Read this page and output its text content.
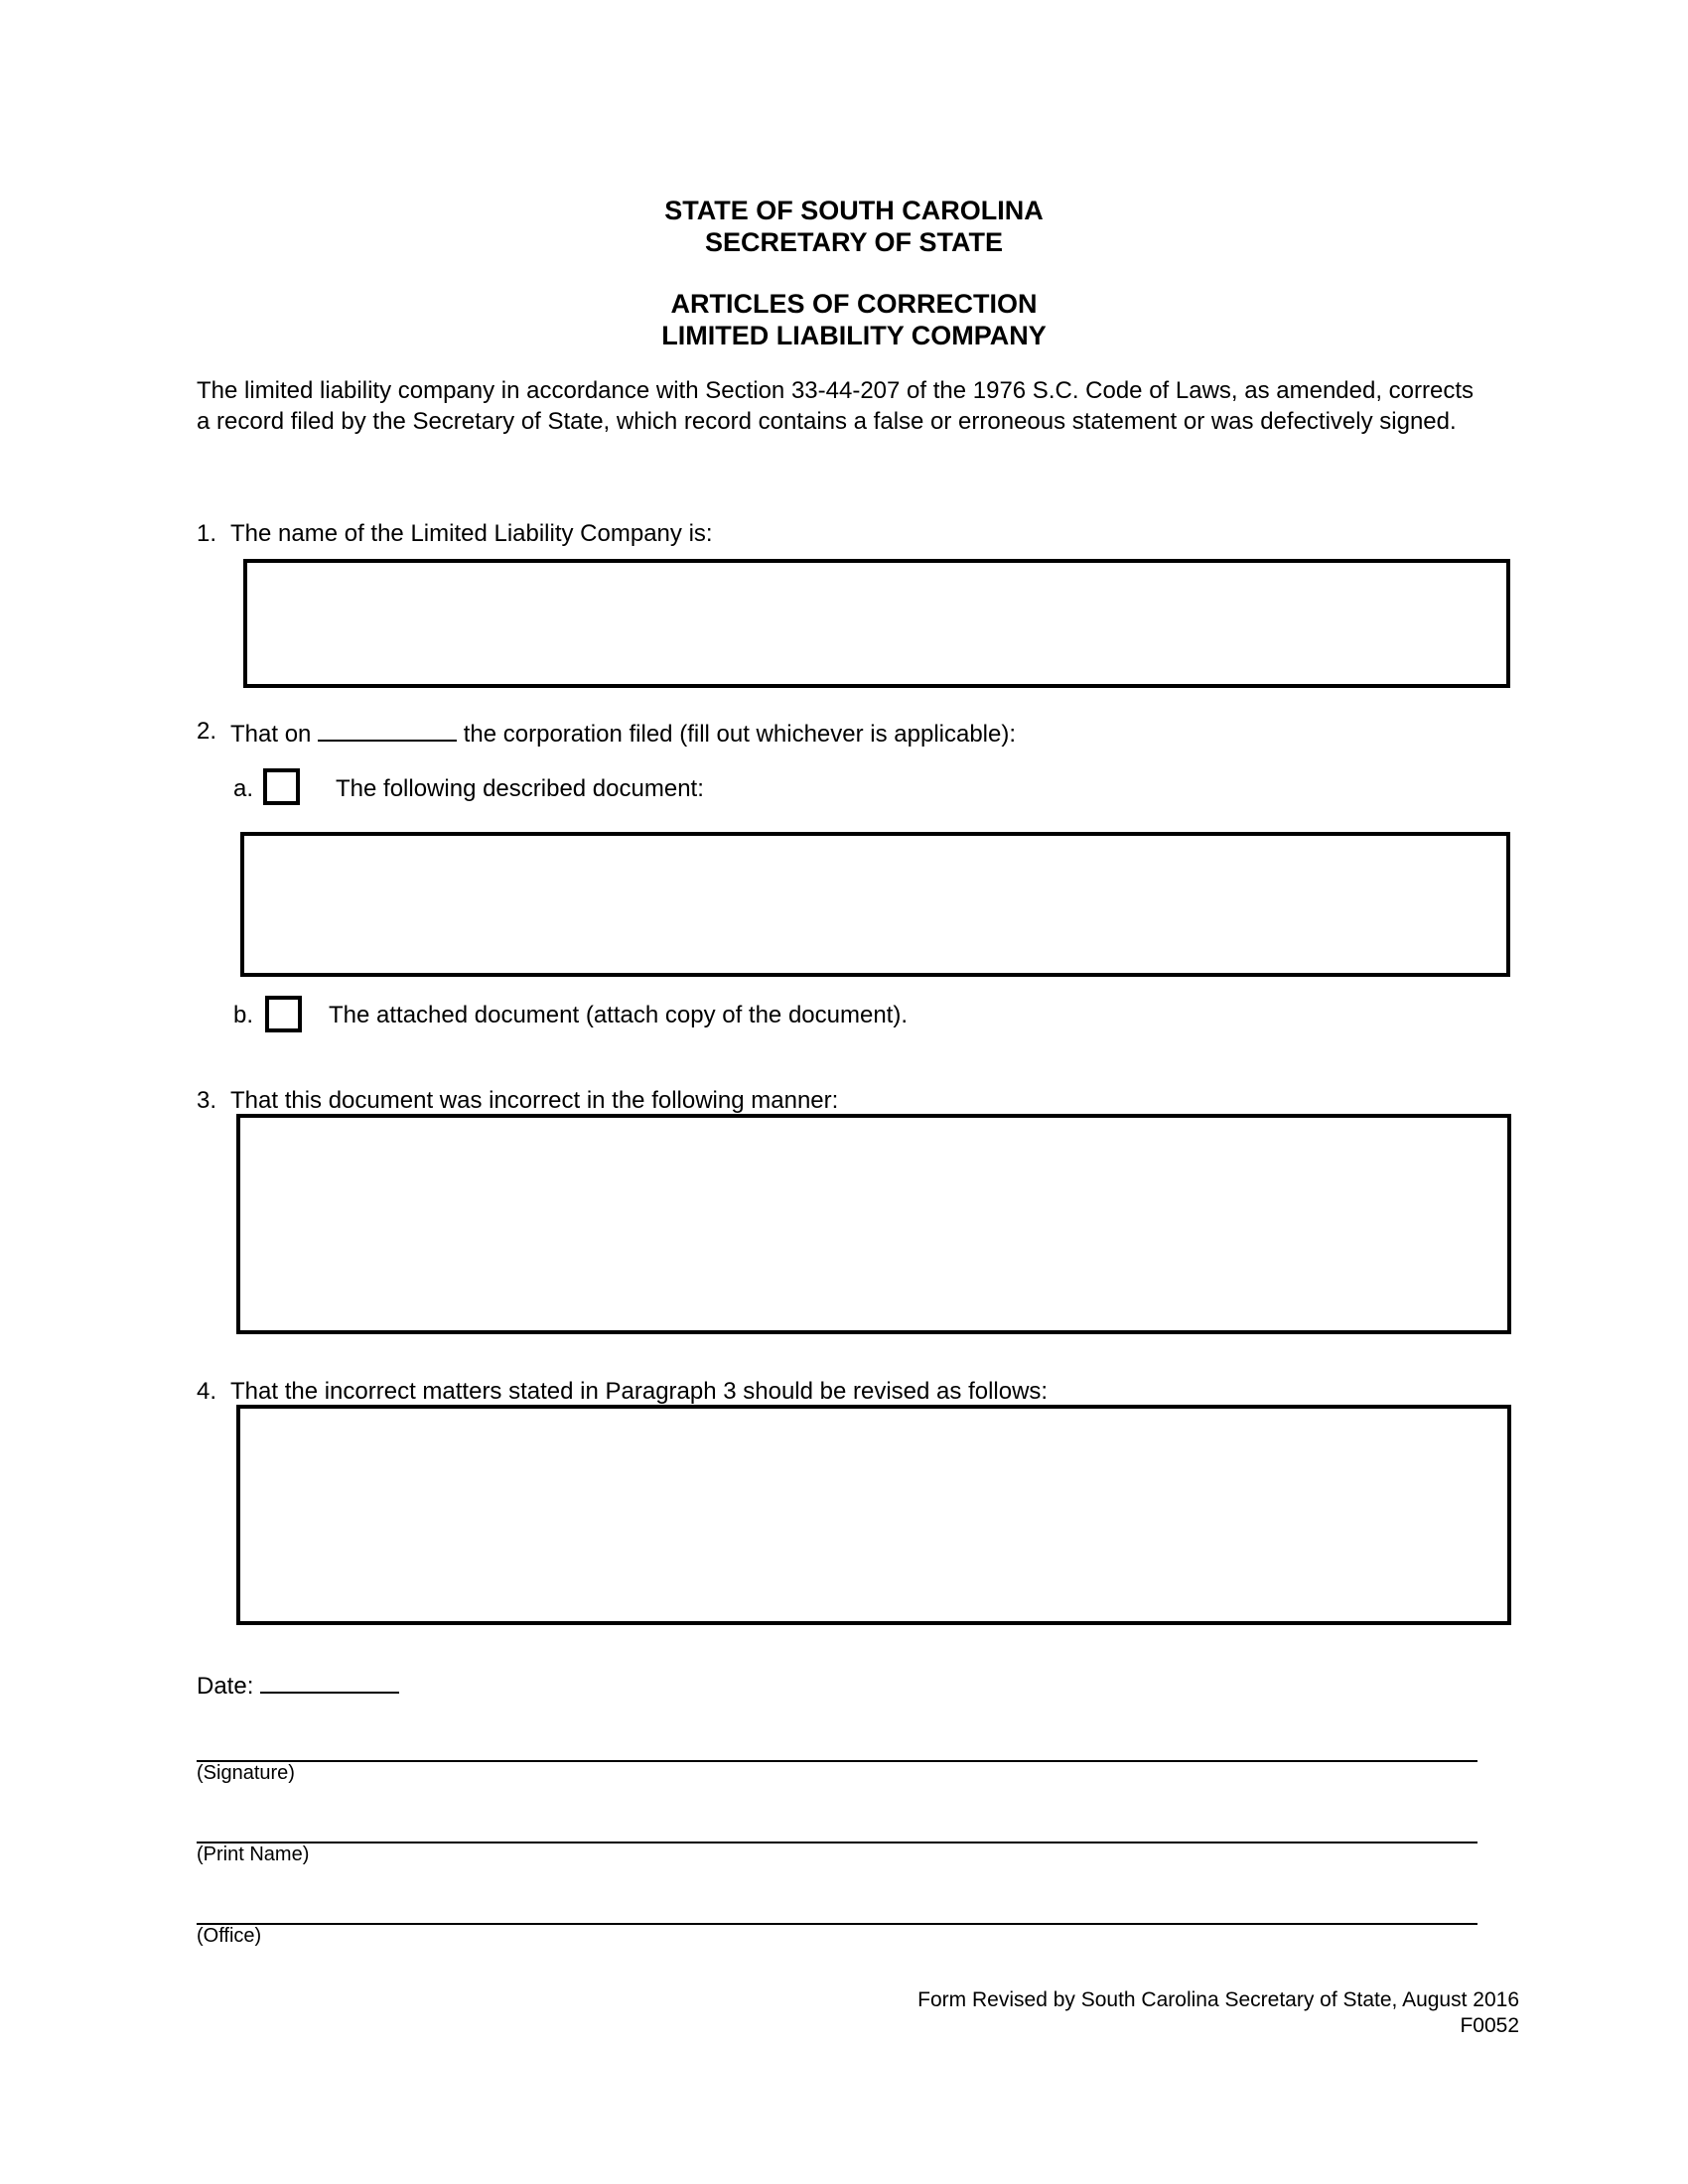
STATE OF SOUTH CAROLINA
SECRETARY OF STATE
ARTICLES OF CORRECTION
LIMITED LIABILITY COMPANY
The limited liability company in accordance with Section 33-44-207 of the 1976 S.C. Code of Laws, as amended, corrects a record filed by the Secretary of State, which record contains a false or erroneous statement or was defectively signed.
1. The name of the Limited Liability Company is:
2. That on	the corporation filed (fill out whichever is applicable):
a.	The following described document:
b.	The attached document (attach copy of the document).
3. That this document was incorrect in the following manner:
4. That the incorrect matters stated in Paragraph 3 should be revised as follows:
Date:
(Signature)
(Print Name)
(Office)
Form Revised by South Carolina Secretary of State, August 2016
F0052
